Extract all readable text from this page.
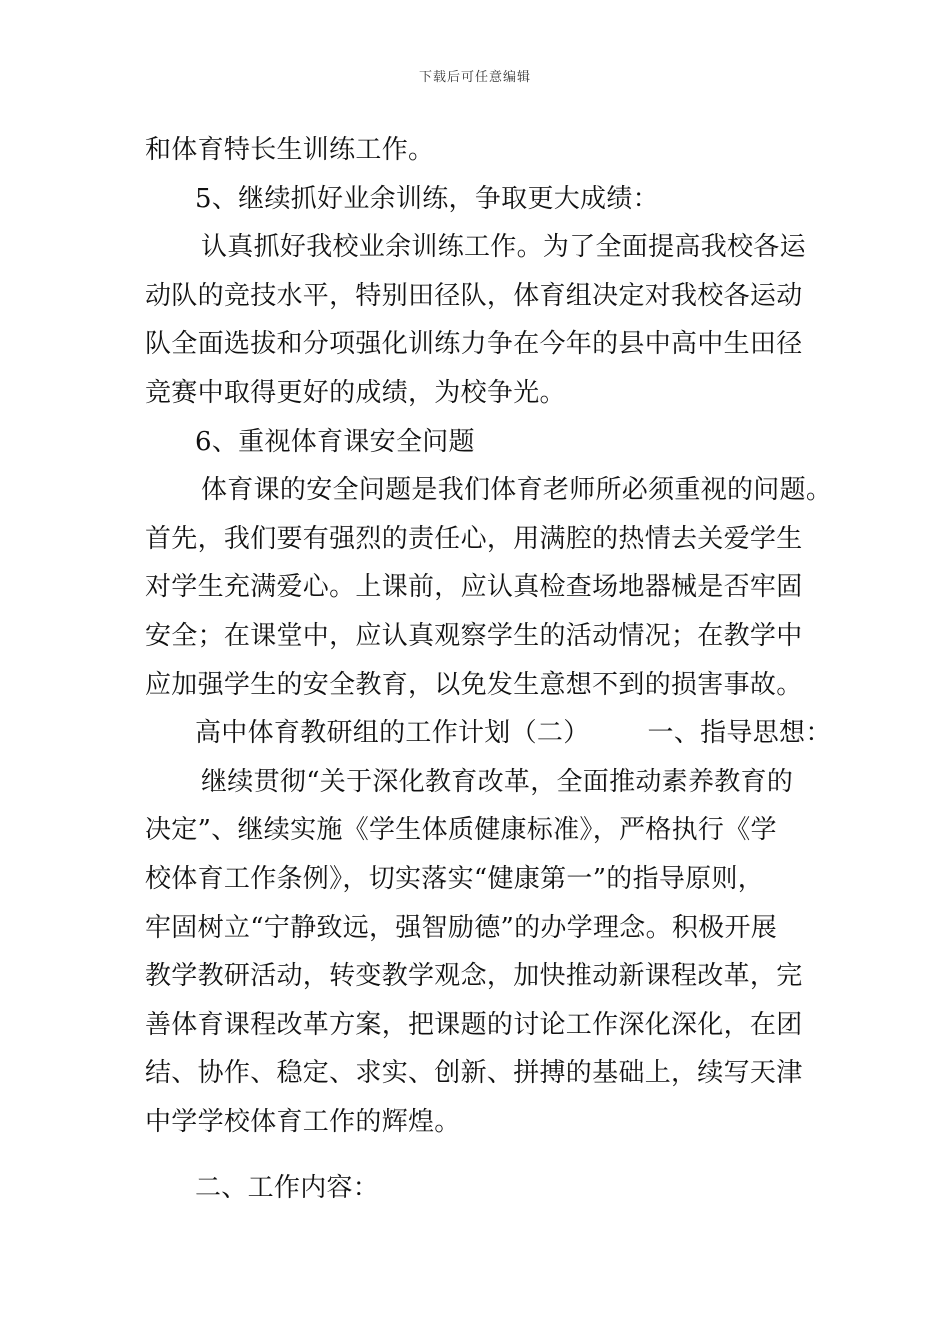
下载后可任意编辑
和体育特长生训练工作。
5、继续抓好业余训练，争取更大成绩：
认真抓好我校业余训练工作。为了全面提高我校各运
动队的竞技水平，特别田径队，体育组决定对我校各运动
队全面选拔和分项强化训练力争在今年的县中高中生田径
竞赛中取得更好的成绩，为校争光。
6、重视体育课安全问题
体育课的安全问题是我们体育老师所必须重视的问题。
首先，我们要有强烈的责任心，用满腔的热情去关爱学生
对学生充满爱心。上课前，应认真检查场地器械是否牢固
安全；在课堂中，应认真观察学生的活动情况；在教学中
应加强学生的安全教育，以免发生意想不到的损害事故。
高中体育教研组的工作计划（二） 一、指导思想：
继续贯彻“关于深化教育改革，全面推动素养教育的
决定”、继续实施《学生体质健康标准》，严格执行《学
校体育工作条例》，切实落实“健康第一”的指导原则，
牢固树立“宁静致远，强智励德”的办学理念。积极开展
教学教研活动，转变教学观念，加快推动新课程改革，完
善体育课程改革方案，把课题的讨论工作深化深化，在团
结、协作、稳定、求实、创新、拼搏的基础上，续写天津
中学学校体育工作的辉煌。
二、工作内容：
